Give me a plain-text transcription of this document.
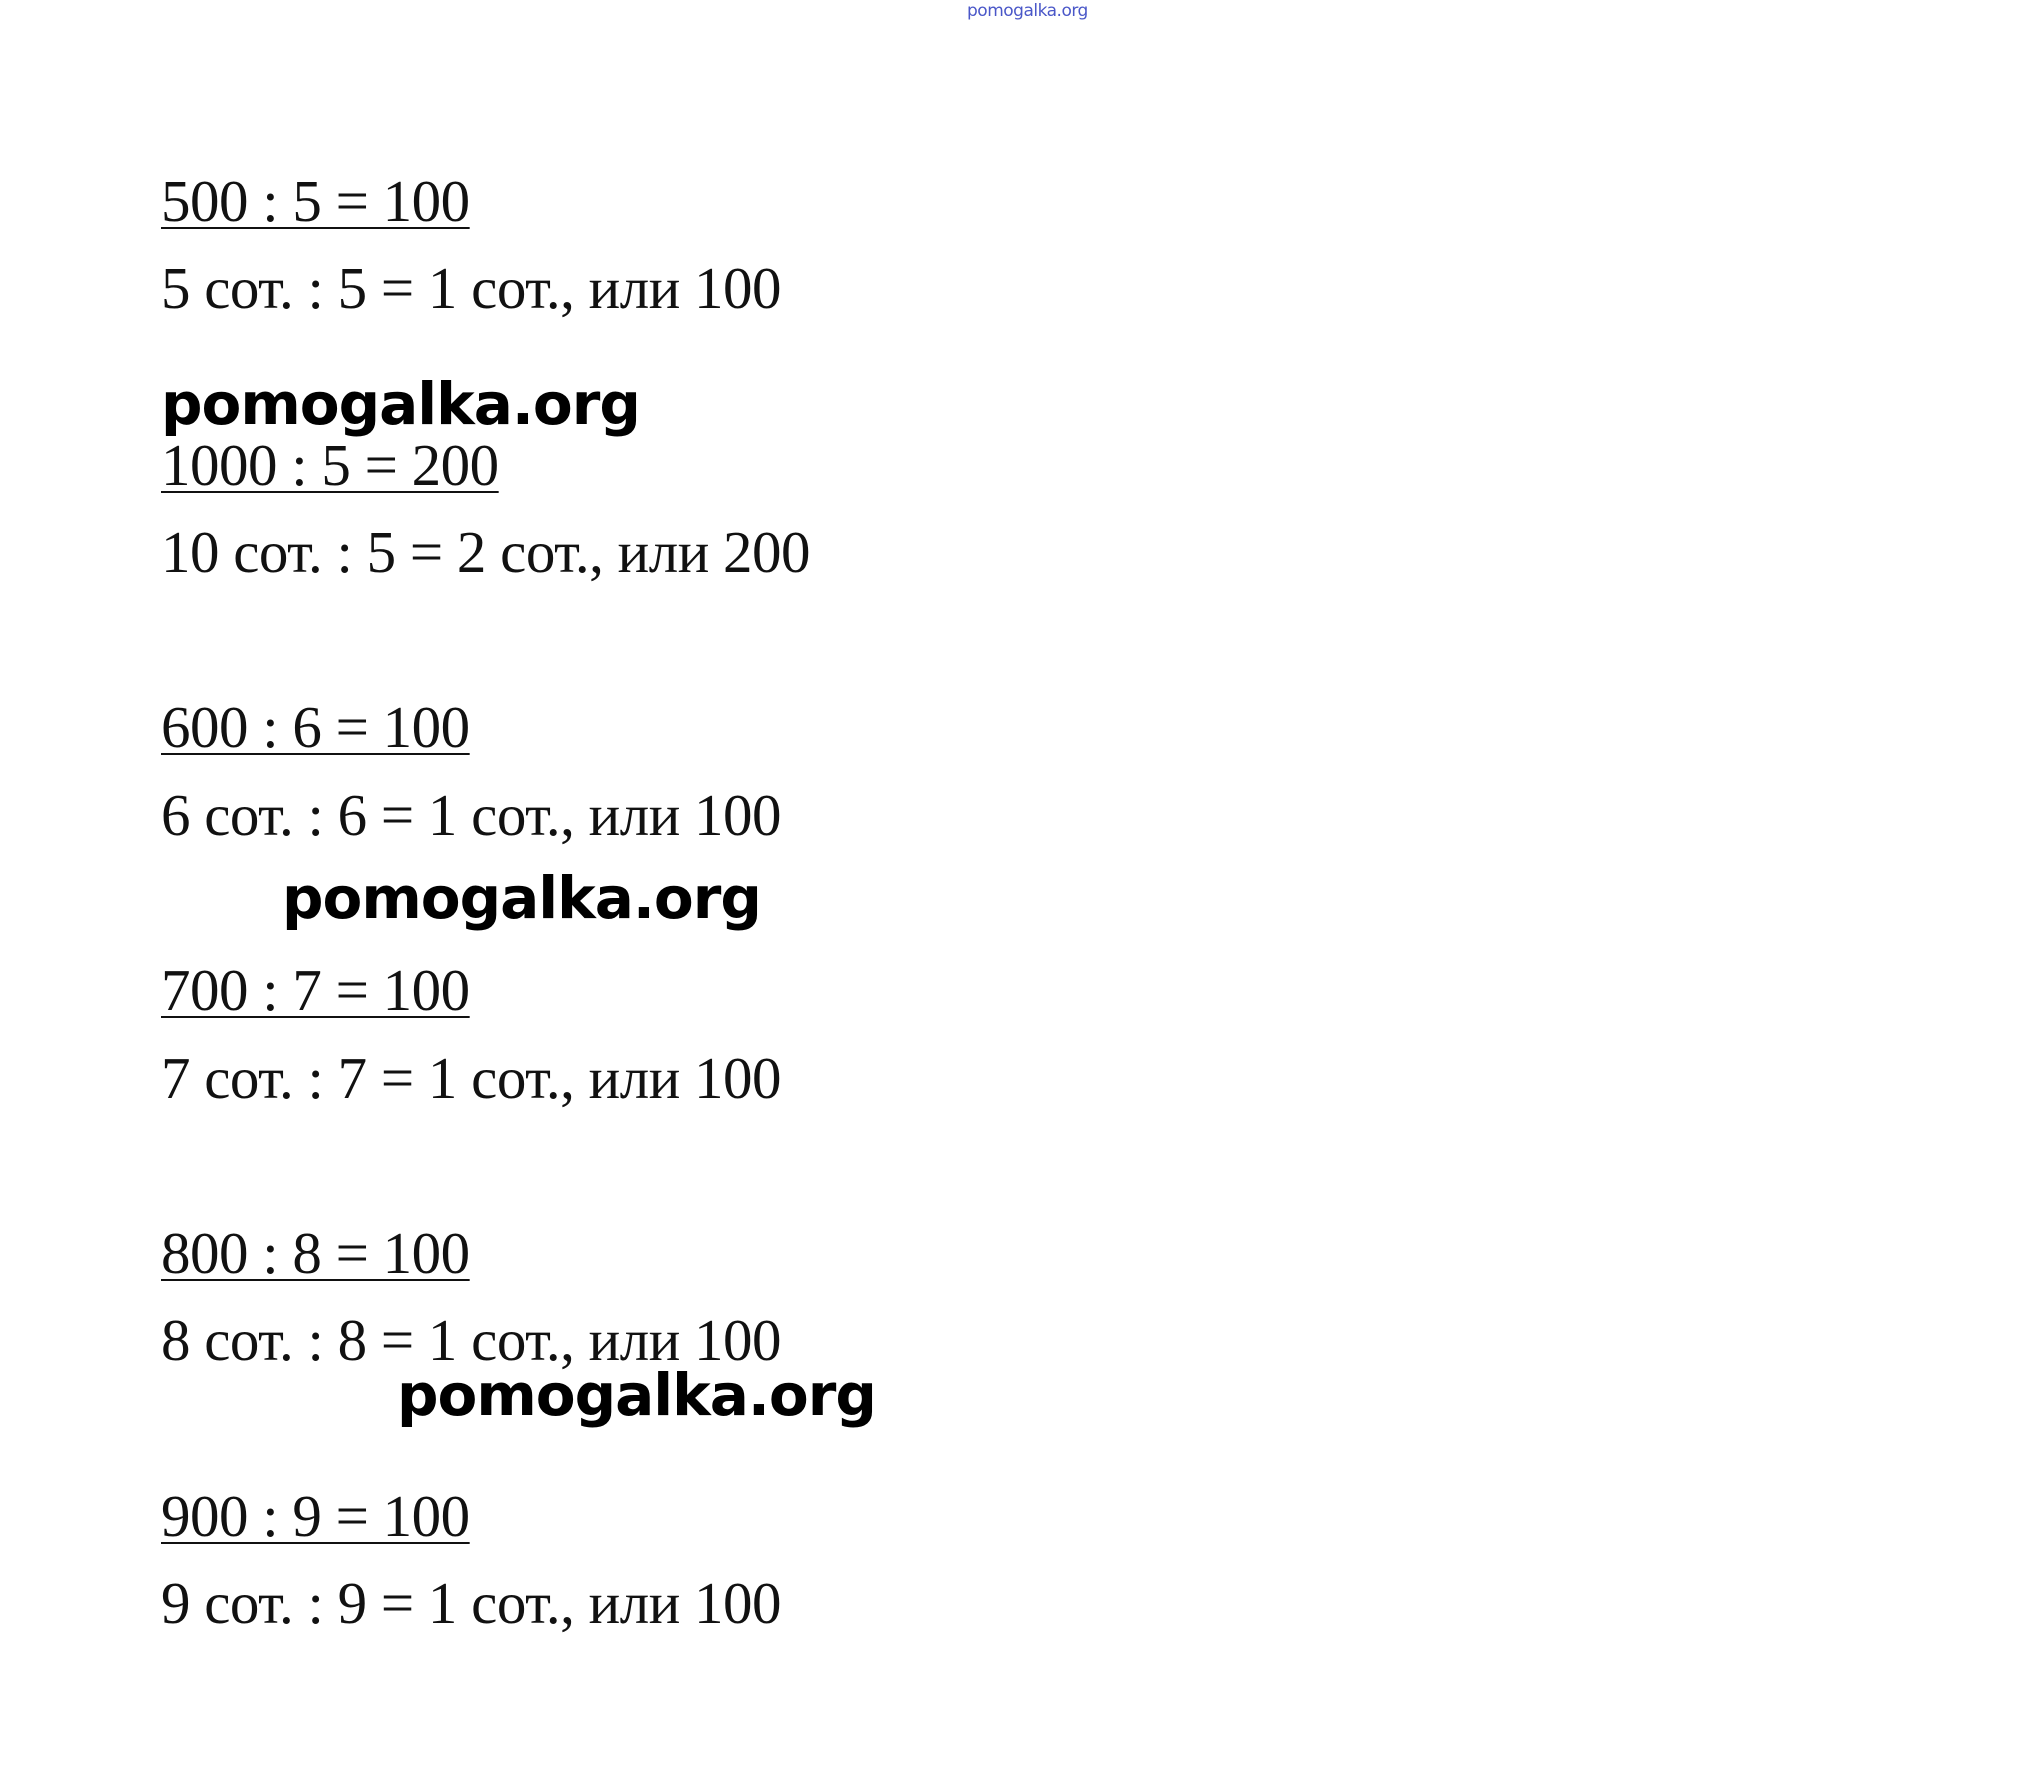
pomogalka.org

500 : 5 = 100

5 сот. : 5 = 1 сот., или 100

pomogalka.org

1000 : 5 = 200

10 сот. : 5 = 2 сот., или 200

600 : 6 = 100

6 сот. : 6 = 1 сот., или 100

pomogalka.org

700 : 7 = 100

7 сот. : 7 = 1 сот., или 100

800 : 8 = 100

8 сот. : 8 = 1 сот., или 100

pomogalka.org

900 : 9 = 100

9 сот. : 9 = 1 сот., или 100
